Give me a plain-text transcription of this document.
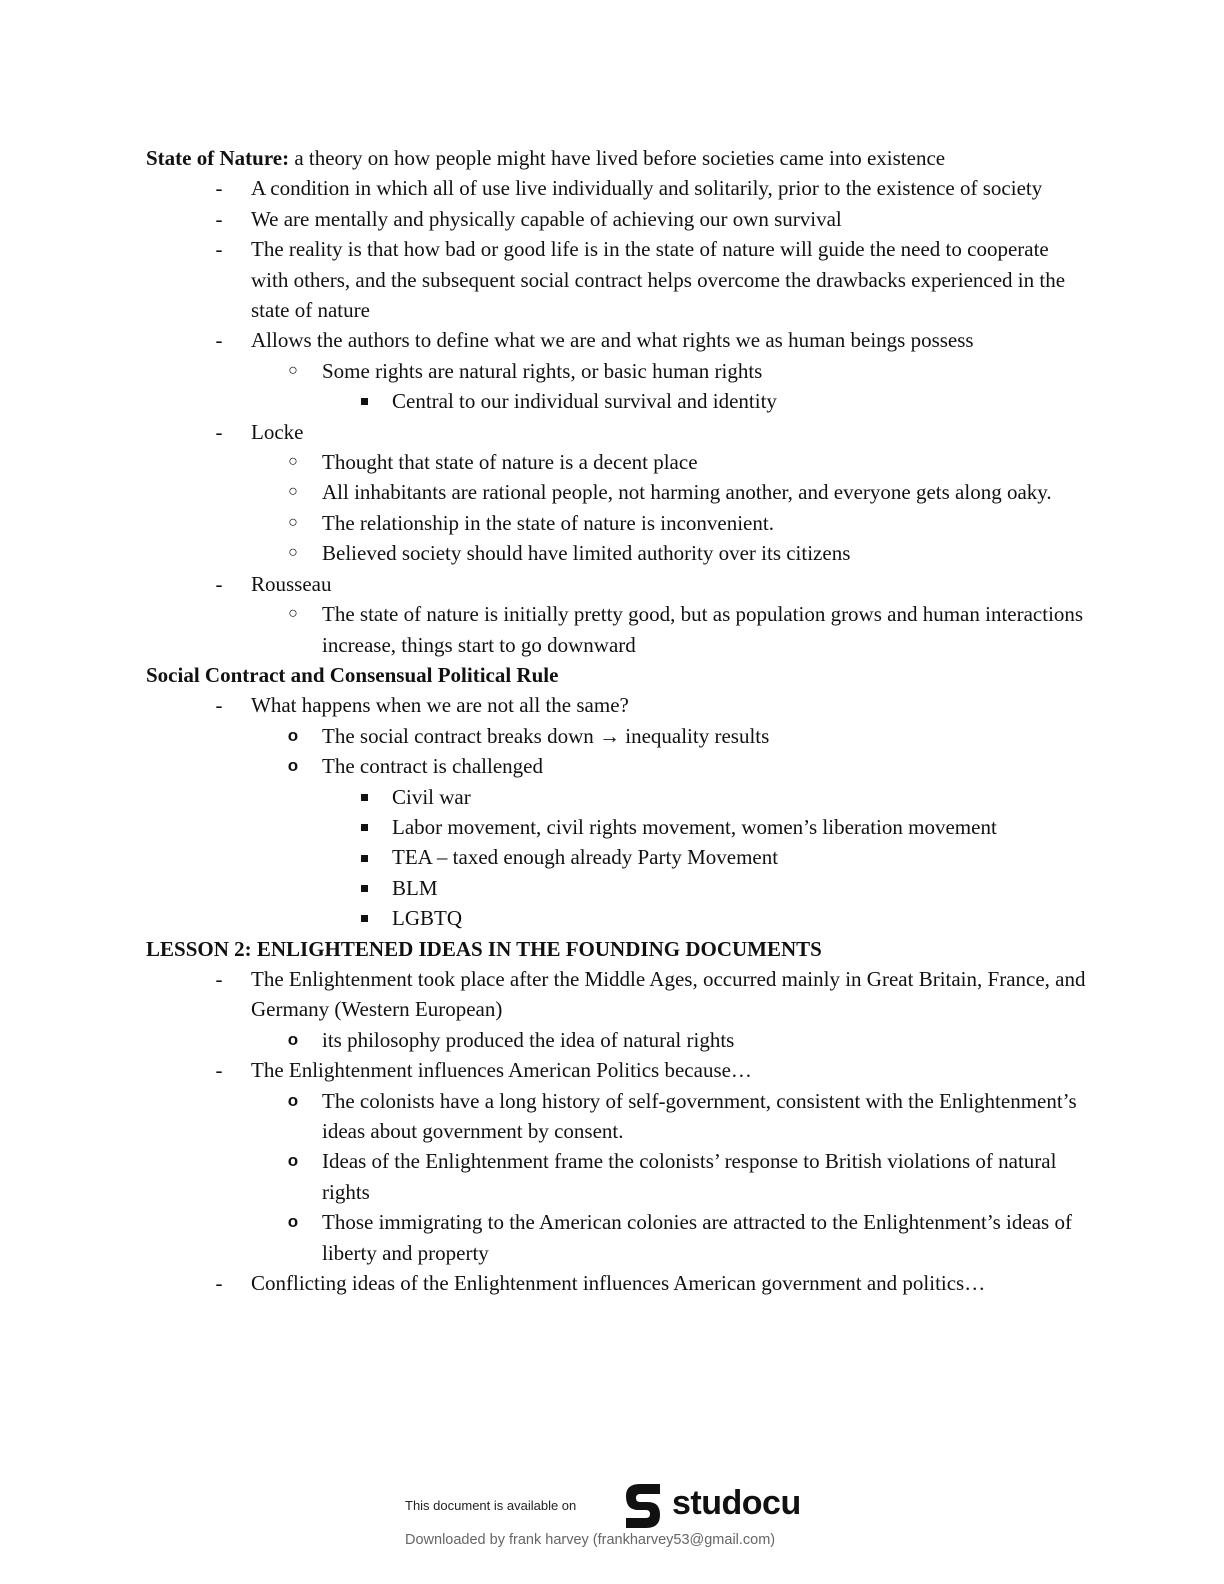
State of Nature: a theory on how people might have lived before societies came into existence
- A condition in which all of use live individually and solitarily, prior to the existence of society
- We are mentally and physically capable of achieving our own survival
- The reality is that how bad or good life is in the state of nature will guide the need to cooperate with others, and the subsequent social contract helps overcome the drawbacks experienced in the state of nature
- Allows the authors to define what we are and what rights we as human beings possess
○ Some rights are natural rights, or basic human rights
Central to our individual survival and identity
- Locke
○ Thought that state of nature is a decent place
○ All inhabitants are rational people, not harming another, and everyone gets along oaky.
○ The relationship in the state of nature is inconvenient.
○ Believed society should have limited authority over its citizens
- Rousseau
○ The state of nature is initially pretty good, but as population grows and human interactions increase, things start to go downward
Social Contract and Consensual Political Rule
- What happens when we are not all the same?
o The social contract breaks down → inequality results
o The contract is challenged
Civil war
Labor movement, civil rights movement, women’s liberation movement
TEA – taxed enough already Party Movement
BLM
LGBTQ
LESSON 2: ENLIGHTENED IDEAS IN THE FOUNDING DOCUMENTS
- The Enlightenment took place after the Middle Ages, occurred mainly in Great Britain, France, and Germany (Western European)
o its philosophy produced the idea of natural rights
- The Enlightenment influences American Politics because…
o The colonists have a long history of self-government, consistent with the Enlightenment’s ideas about government by consent.
o Ideas of the Enlightenment frame the colonists’ response to British violations of natural rights
o Those immigrating to the American colonies are attracted to the Enlightenment’s ideas of liberty and property
- Conflicting ideas of the Enlightenment influences American government and politics…
This document is available on	studocu
Downloaded by frank harvey (frankharvey53@gmail.com)
